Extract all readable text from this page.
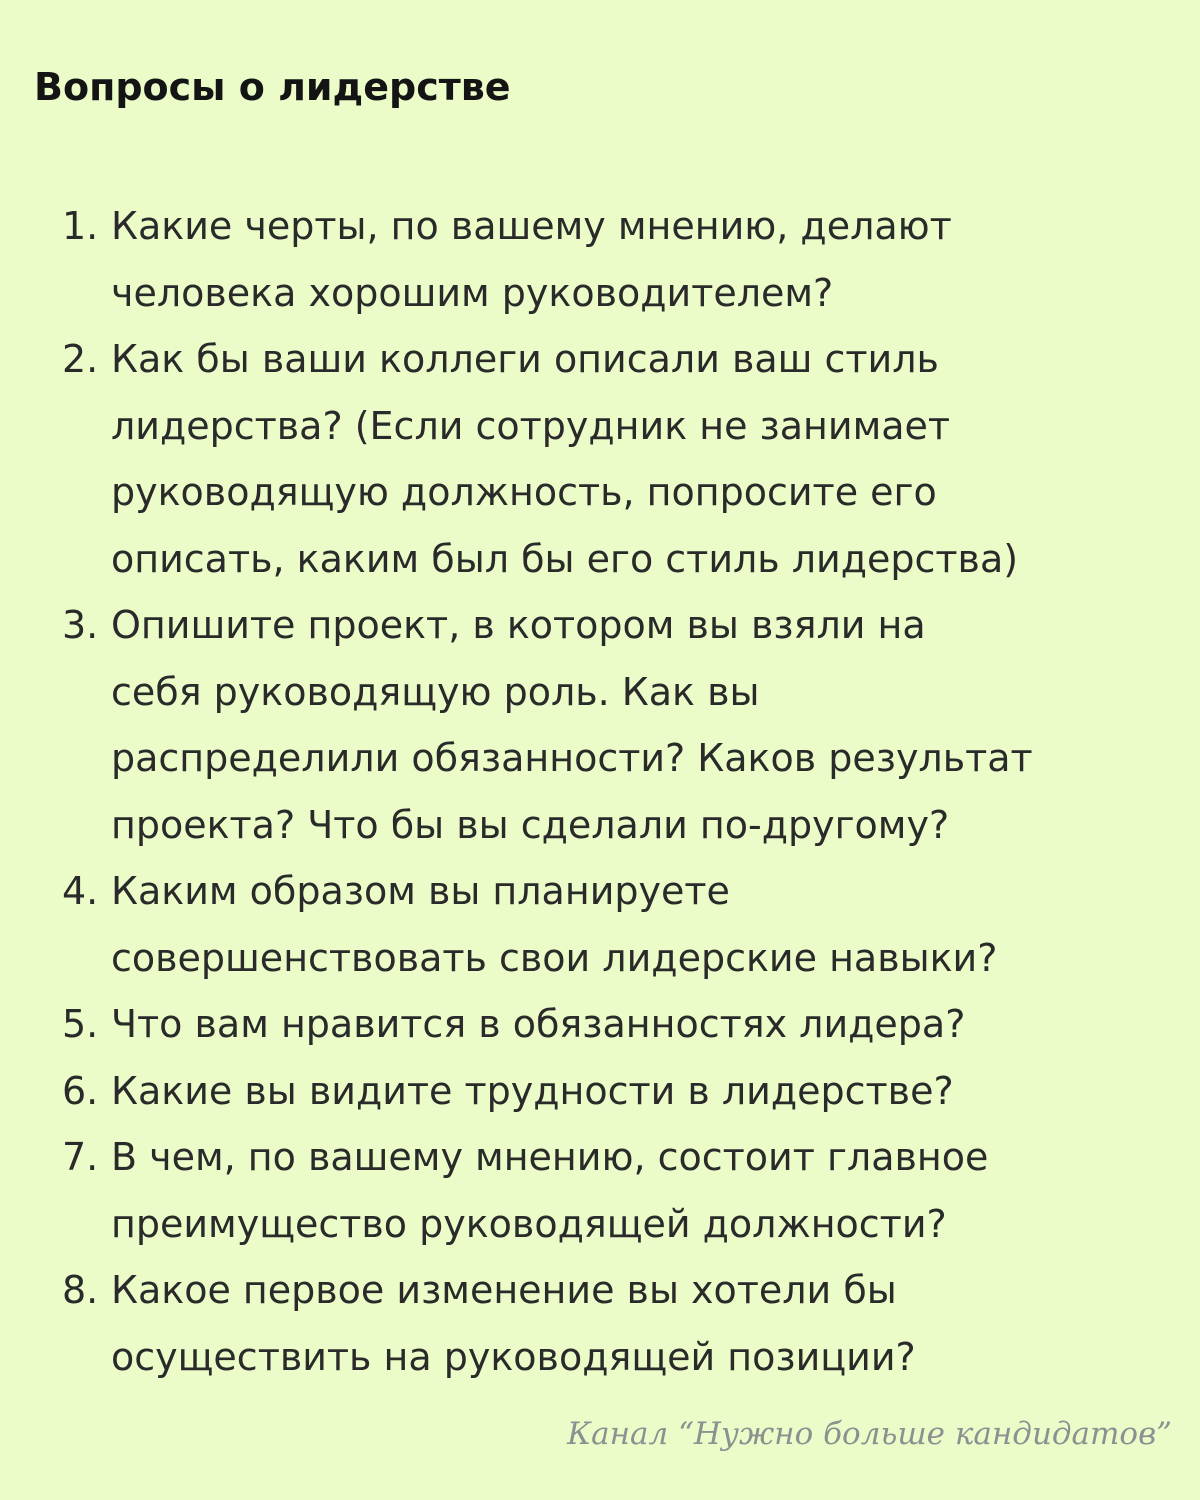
Вопросы о лидерстве
1. Какие черты, по вашему мнению, делают
человека хорошим руководителем?
2. Как бы ваши коллеги описали ваш стиль
лидерства? (Если сотрудник не занимает
руководящую должность, попросите его
описать, каким был бы его стиль лидерства)
3. Опишите проект, в котором вы взяли на
себя руководящую роль. Как вы
распределили обязанности? Каков результат
проекта? Что бы вы сделали по-другому?
4. Каким образом вы планируете
совершенствовать свои лидерские навыки?
5. Что вам нравится в обязанностях лидера?
6. Какие вы видите трудности в лидерстве?
7. В чем, по вашему мнению, состоит главное
преимущество руководящей должности?
8. Какое первое изменение вы хотели бы
осуществить на руководящей позиции?

Канал “Нужно больше кандидатов”
